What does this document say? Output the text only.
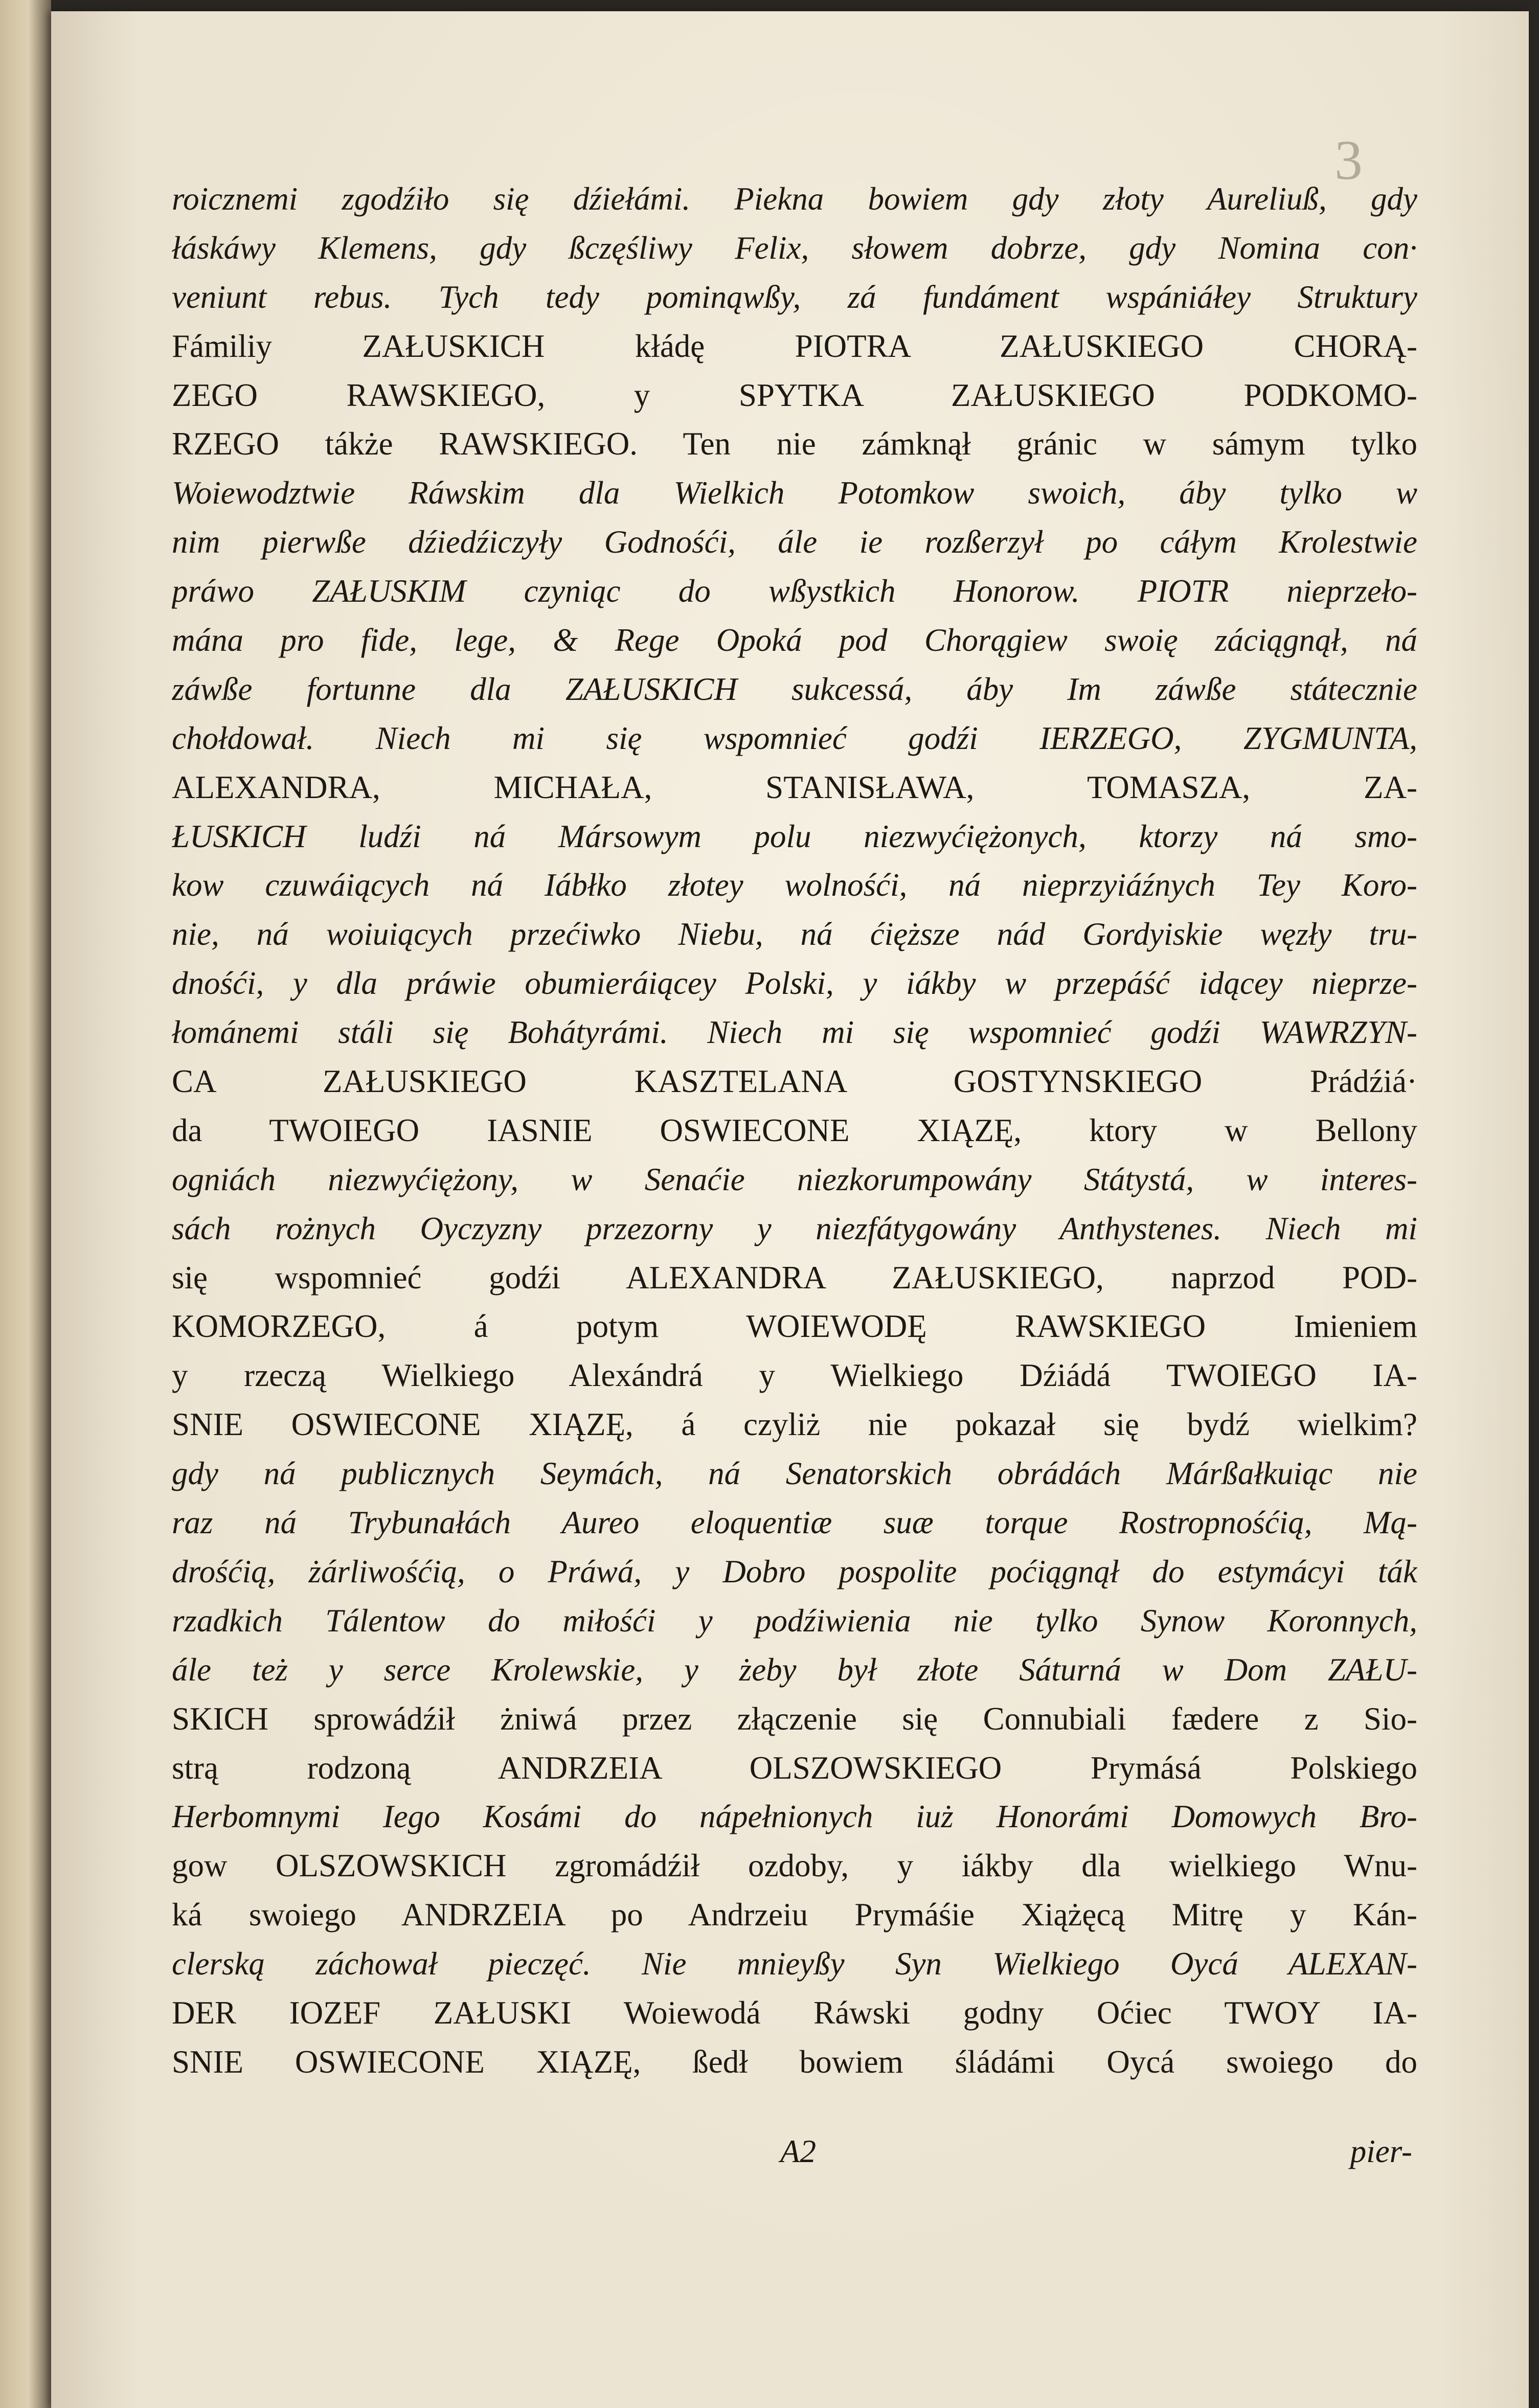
3
roicznemi zgodźiło się dźiełámi. Piekna bowiem gdy złoty Aureliuß, gdy
łáskáwy Klemens, gdy ßczęśliwy Felix, słowem dobrze, gdy Nomina con·
veniunt rebus. Tych tedy pominąwßy, zá fundáment wspániáłey Struktury
Fámiliy ZAŁUSKICH kłádę PIOTRA ZAŁUSKIEGO CHORĄ-
ZEGO RAWSKIEGO, y SPYTKA ZAŁUSKIEGO PODKOMO-
RZEGO tákże RAWSKIEGO. Ten nie zámknął gránic w sámym tylko
Woiewodztwie Ráwskim dla Wielkich Potomkow swoich, áby tylko w
nim pierwße dźiedźiczyły Godnośći, ále ie rozßerzył po cáłym Krolestwie
práwo ZAŁUSKIM czyniąc do wßystkich Honorow. PIOTR nieprzeło-
mána pro fide, lege, & Rege Opoká pod Chorągiew swoię záciągnął, ná
záwße fortunne dla ZAŁUSKICH sukcessá, áby Im záwße státecznie
chołdował. Niech mi się wspomnieć godźi IERZEGO, ZYGMUNTA,
ALEXANDRA, MICHAŁA, STANISŁAWA, TOMASZA, ZA-
ŁUSKICH ludźi ná Mársowym polu niezwyćiężonych, ktorzy ná smo-
kow czuwáiących ná Iábłko złotey wolnośći, ná nieprzyiáźnych Tey Koro-
nie, ná woiuiących przećiwko Niebu, ná ćięższe nád Gordyiskie węzły tru-
dnośći, y dla práwie obumieráiącey Polski, y iákby w przepáść idącey nieprze-
łománemi stáli się Bohátyrámi. Niech mi się wspomnieć godźi WAWRZYN-
CA ZAŁUSKIEGO KASZTELANA GOSTYNSKIEGO Prádźiá·
da TWOIEGO IASNIE OSWIECONE XIĄZĘ, ktory w Bellony
ogniách niezwyćiężony, w Senaćie niezkorumpowány Státystá, w interes-
sách rożnych Oyczyzny przezorny y niezfátygowány Anthystenes. Niech mi
się wspomnieć godźi ALEXANDRA ZAŁUSKIEGO, naprzod POD-
KOMORZEGO, á potym WOIEWODĘ RAWSKIEGO Imieniem
y rzeczą Wielkiego Alexándrá y Wielkiego Dźiádá TWOIEGO IA-
SNIE OSWIECONE XIĄZĘ, á czyliż nie pokazał się bydź wielkim?
gdy ná publicznych Seymách, ná Senatorskich obrádách Márßałkuiąc nie
raz ná Trybunałách Aureo eloquentiæ suæ torque Rostropnośćią, Mą-
drośćią, żárliwośćią, o Práwá, y Dobro pospolite poćiągnął do estymácyi ták
rzadkich Tálentow do miłośći y podźiwienia nie tylko Synow Koronnych,
ále też y serce Krolewskie, y żeby był złote Sáturná w Dom ZAŁU-
SKICH sprowádźił żniwá przez złączenie się Connubiali fædere z Sio-
strą rodzoną ANDRZEIA OLSZOWSKIEGO Prymásá Polskiego
Herbomnymi Iego Kosámi do nápełnionych iuż Honorámi Domowych Bro-
gow OLSZOWSKICH zgromádźił ozdoby, y iákby dla wielkiego Wnu-
ká swoiego ANDRZEIA po Andrzeiu Prymáśie Xiążęcą Mitrę y Kán-
clerską záchował pieczęć. Nie mnieyßy Syn Wielkiego Oycá ALEXAN-
DER IOZEF ZAŁUSKI Woiewodá Ráwski godny Oćiec TWOY IA-
SNIE OSWIECONE XIĄZĘ, ßedł bowiem śládámi Oycá swoiego do
A2	pier-
